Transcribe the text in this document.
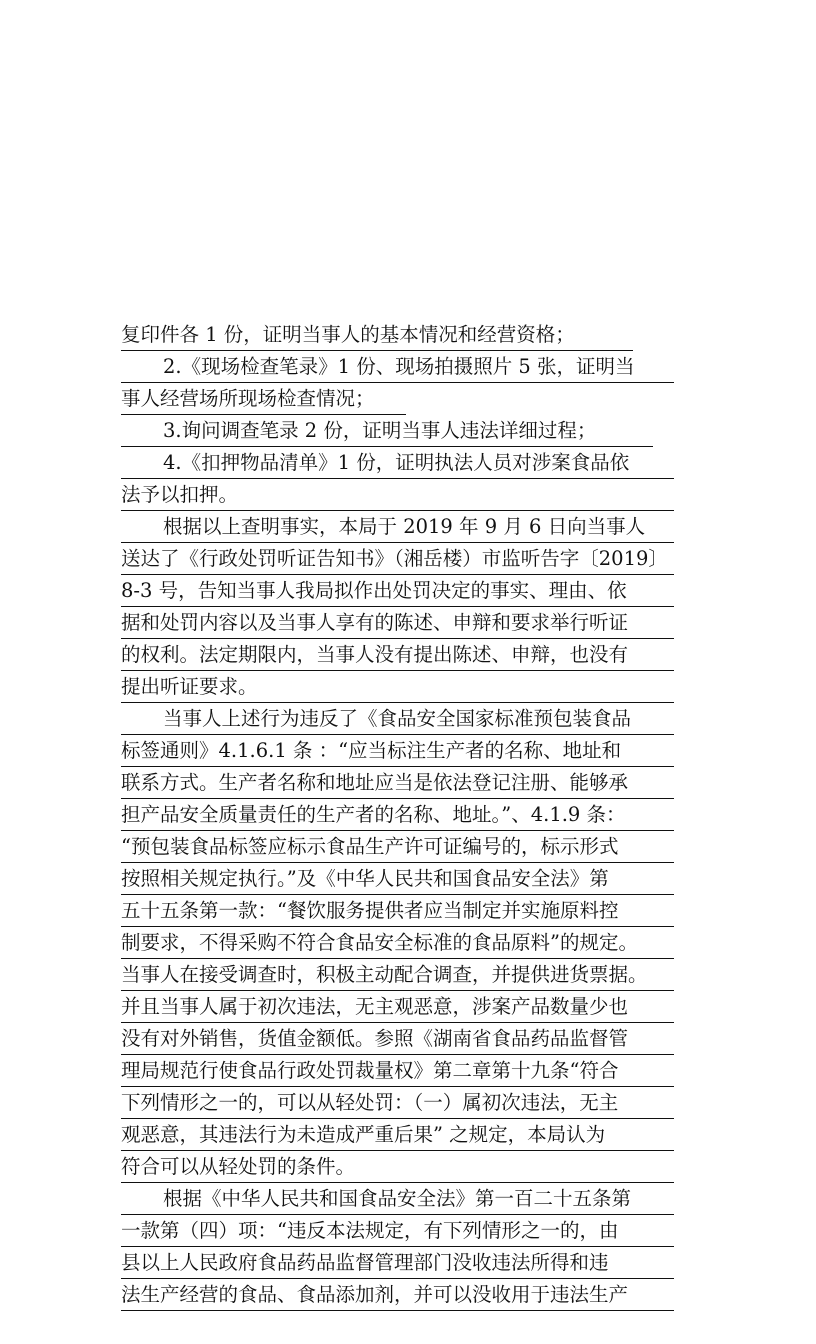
复印件各 1 份，证明当事人的基本情况和经营资格；
2.《现场检查笔录》1 份、现场拍摄照片 5 张，证明当
事人经营场所现场检查情况；
3.询问调查笔录 2 份，证明当事人违法详细过程；
4.《扣押物品清单》1 份，证明执法人员对涉案食品依
法予以扣押。
根据以上查明事实，本局于 2019 年 9 月 6 日向当事人
送达了《行政处罚听证告知书》（湘岳楼）市监听告字〔2019〕
8-3 号，告知当事人我局拟作出处罚决定的事实、理由、依
据和处罚内容以及当事人享有的陈述、申辩和要求举行听证
的权利。法定期限内，当事人没有提出陈述、申辩，也没有
提出听证要求。
当事人上述行为违反了《食品安全国家标准预包装食品
标签通则》4.1.6.1 条 ：“应当标注生产者的名称、地址和
联系方式。生产者名称和地址应当是依法登记注册、能够承
担产品安全质量责任的生产者的名称、地址。”、4.1.9 条：
“预包装食品标签应标示食品生产许可证编号的，标示形式
按照相关规定执行。”及《中华人民共和国食品安全法》第
五十五条第一款：“餐饮服务提供者应当制定并实施原料控
制要求，不得采购不符合食品安全标准的食品原料”的规定。
当事人在接受调查时，积极主动配合调查，并提供进货票据。
并且当事人属于初次违法，无主观恶意，涉案产品数量少也
没有对外销售，货值金额低。参照《湖南省食品药品监督管
理局规范行使食品行政处罚裁量权》第二章第十九条“符合
下列情形之一的，可以从轻处罚：（一）属初次违法，无主
观恶意，其违法行为未造成严重后果” 之规定，本局认为
符合可以从轻处罚的条件。
根据《中华人民共和国食品安全法》第一百二十五条第
一款第（四）项：“违反本法规定，有下列情形之一的，由
县以上人民政府食品药品监督管理部门没收违法所得和违
法生产经营的食品、食品添加剂，并可以没收用于违法生产
